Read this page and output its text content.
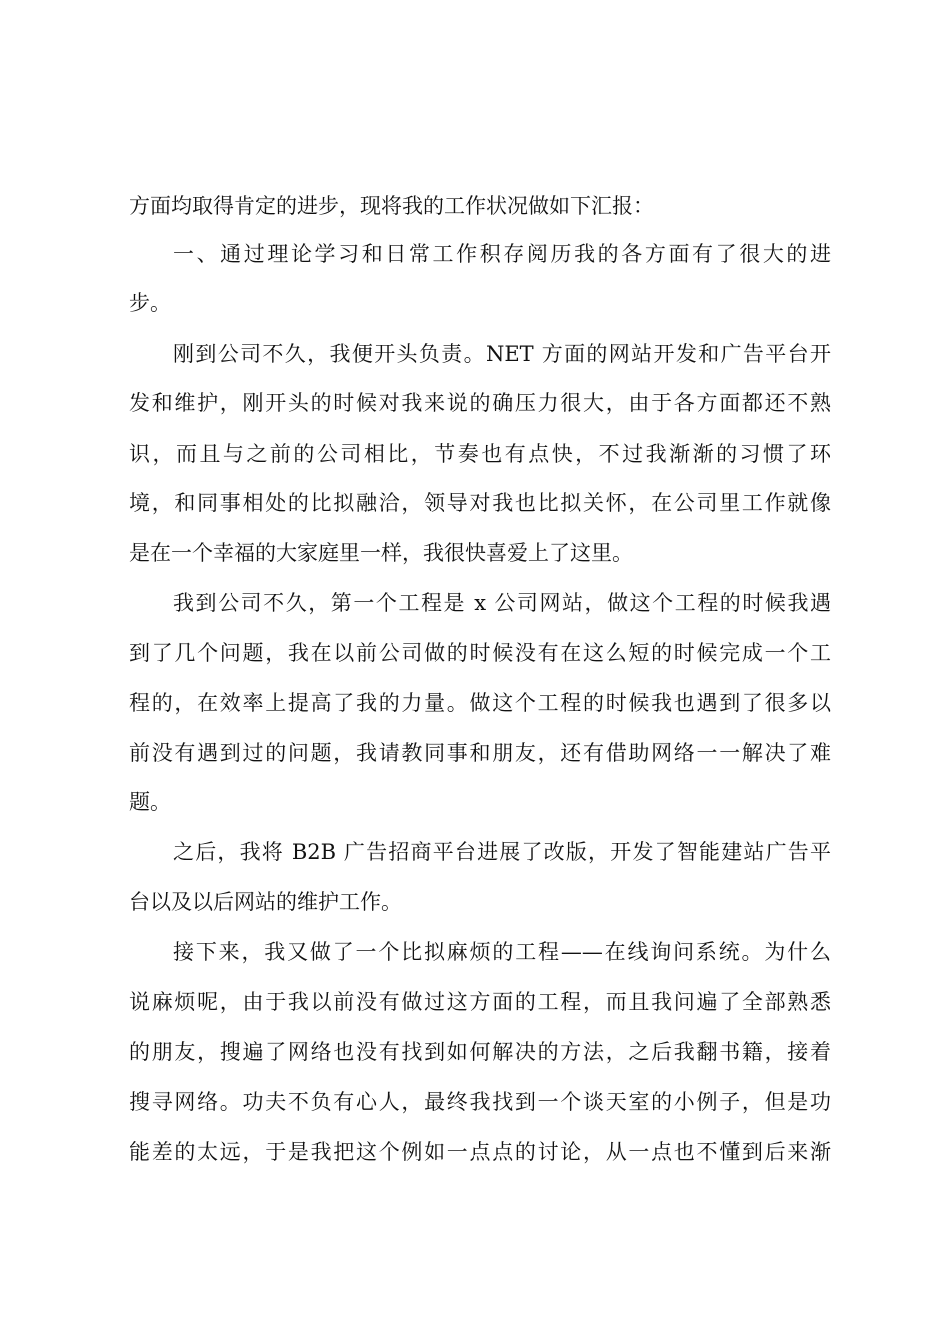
方面均取得肯定的进步，现将我的工作状况做如下汇报：
一、通过理论学习和日常工作积存阅历我的各方面有了很大的进
步。
刚到公司不久，我便开头负责。NET 方面的网站开发和广告平台开
发和维护，刚开头的时候对我来说的确压力很大，由于各方面都还不熟
识，而且与之前的公司相比，节奏也有点快，不过我渐渐的习惯了环
境，和同事相处的比拟融洽，领导对我也比拟关怀，在公司里工作就像
是在一个幸福的大家庭里一样，我很快喜爱上了这里。
我到公司不久，第一个工程是 x 公司网站，做这个工程的时候我遇
到了几个问题，我在以前公司做的时候没有在这么短的时候完成一个工
程的，在效率上提高了我的力量。做这个工程的时候我也遇到了很多以
前没有遇到过的问题，我请教同事和朋友，还有借助网络一一解决了难
题。
之后，我将 B2B 广告招商平台进展了改版，开发了智能建站广告平
台以及以后网站的维护工作。
接下来，我又做了一个比拟麻烦的工程——在线询问系统。为什么
说麻烦呢，由于我以前没有做过这方面的工程，而且我问遍了全部熟悉
的朋友，搜遍了网络也没有找到如何解决的方法，之后我翻书籍，接着
搜寻网络。功夫不负有心人，最终我找到一个谈天室的小例子，但是功
能差的太远，于是我把这个例如一点点的讨论，从一点也不懂到后来渐
